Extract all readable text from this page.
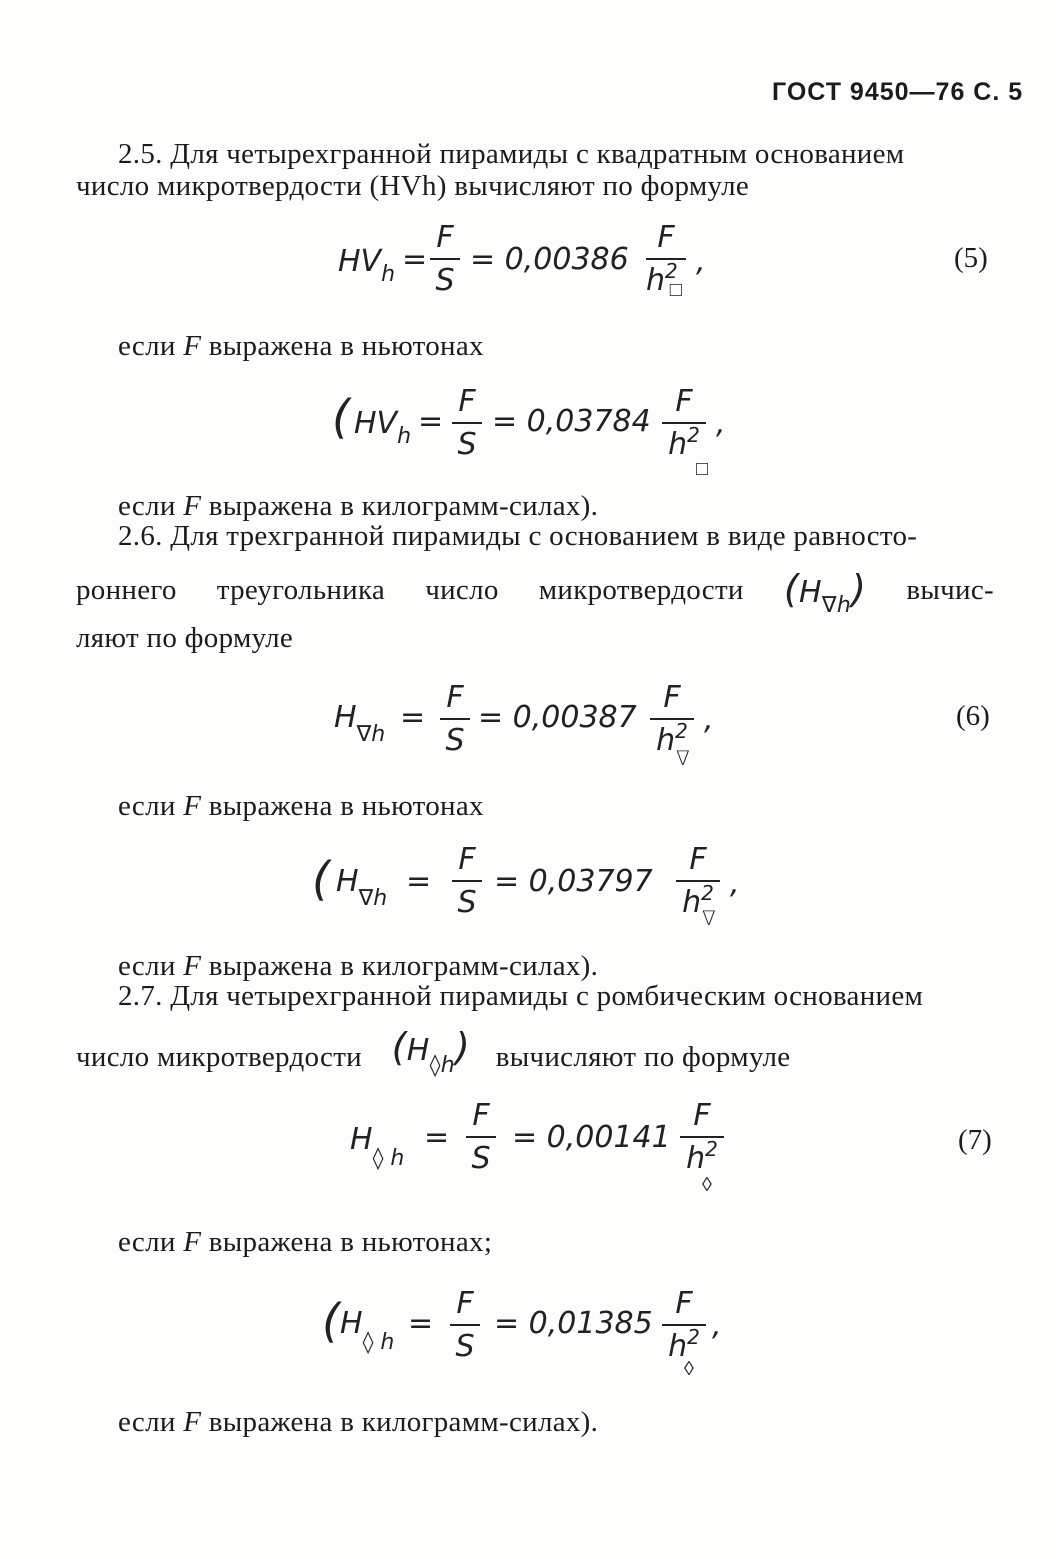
ГОСТ 9450—76 С. 5
2.5. Для четырехгранной пирамиды с квадратным основанием
число микротвердости (HVh) вычисляют по формуле
$HV_h$ =
F
S
= 0,00386
F
$h^2_□$
,	(5)
если F выражена в ньютонах
( $HV_h$ =
F
S
= 0,03784
F
$h^2$
□
,
если F выражена в килограмм-силах).
2.6. Для трехгранной пирамиды с основанием в виде равносто-
роннего треугольника число микротвердости $(H_{\nabla h})$ вычис-
ляют по формуле
$H_{\nabla h}$ =
F
S
= 0,00387
F
$h^2$
∇
,	(6)
если F выражена в ньютонах
( $H_{\nabla h}$ =
F
S
= 0,03797
F
$h^2$
∇
,
если F выражена в килограмм-силах).
2.7. Для четырехгранной пирамиды с ромбическим основанием
число микротвердости $(H_{◊h})$ вычисляют по формуле
$H_{◊ h}$
=
F
S
= 0,00141
F
$h^2$
◊
(7)
если F выражена в ньютонах;
( $H_{◊ h}$
=
F
S
= 0,01385
F
$h^2$
◊
,
если F выражена в килограмм-силах).
